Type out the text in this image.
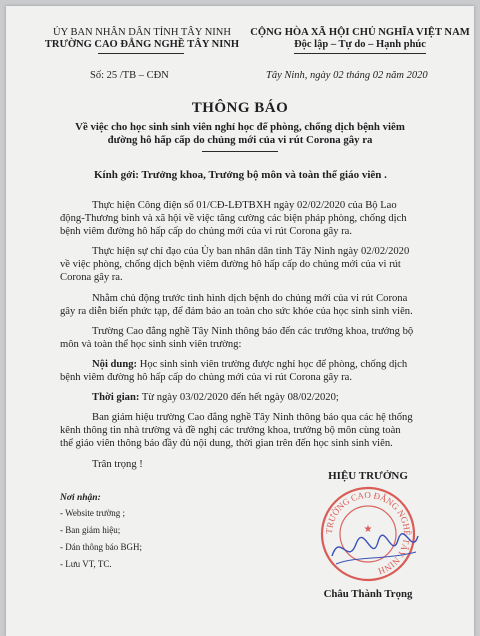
ỦY BAN NHÂN DÂN TỈNH TÂY NINH
TRƯỜNG CAO ĐẲNG NGHỀ TÂY NINH
CỘNG HÒA XÃ HỘI CHỦ NGHĨA VIỆT NAM
Độc lập – Tự do – Hạnh phúc
Số: 25 /TB – CĐN	Tây Ninh, ngày 02 tháng 02 năm 2020
THÔNG BÁO
Về việc cho học sinh sinh viên nghỉ học để phòng, chống dịch bệnh viêm
đường hô hấp cấp do chủng mới của vi rút Corona gây ra
Kính gởi: Trưởng khoa, Trưởng bộ môn và toàn thể giáo viên .
Thực hiện Công điện số 01/CĐ-LĐTBXH ngày 02/02/2020 của Bộ Lao
động-Thương binh và xã hội về việc tăng cường các biện pháp phòng, chống dịch
bệnh viêm đường hô hấp cấp do chủng mới của vi rút Corona gây ra.
Thực hiện sự chỉ đạo của Ủy ban nhân dân tỉnh Tây Ninh ngày 02/02/2020
về việc phòng, chống dịch bệnh viêm đường hô hấp cấp do chủng mới của vi rút
Corona gây ra.
Nhằm chủ động trước tình hình dịch bệnh do chủng mới của vi rút Corona
gây ra diễn biến phức tạp, để đảm bảo an toàn cho sức khỏe của học sinh sinh viên.
Trường Cao đẳng nghề Tây Ninh thông báo đến các trưởng khoa, trưởng bộ
môn và toàn thể học sinh sinh viên trường:
Nội dung: Học sinh sinh viên trường được nghỉ học để phòng, chống dịch
bệnh viêm đường hô hấp cấp do chủng mới của vi rút Corona gây ra.
Thời gian: Từ ngày 03/02/2020 đến hết ngày 08/02/2020;
Ban giám hiệu trường Cao đẳng nghề Tây Ninh thông báo qua các hệ thống
kênh thông tin nhà trường và đề nghị các trưởng khoa, trưởng bộ môn cùng toàn
thể giáo viên thông báo đầy đủ nội dung, thời gian trên đến học sinh sinh viên.
Trân trọng !
Nơi nhận:
- Website trường ;
- Ban giám hiệu;
- Dán thông báo BGH;
- Lưu VT, TC.
HIỆU TRƯỞNG
TRƯỜNG CAO ĐẲNG NGHỀ TÂY NINH
★
Châu Thành Trọng
